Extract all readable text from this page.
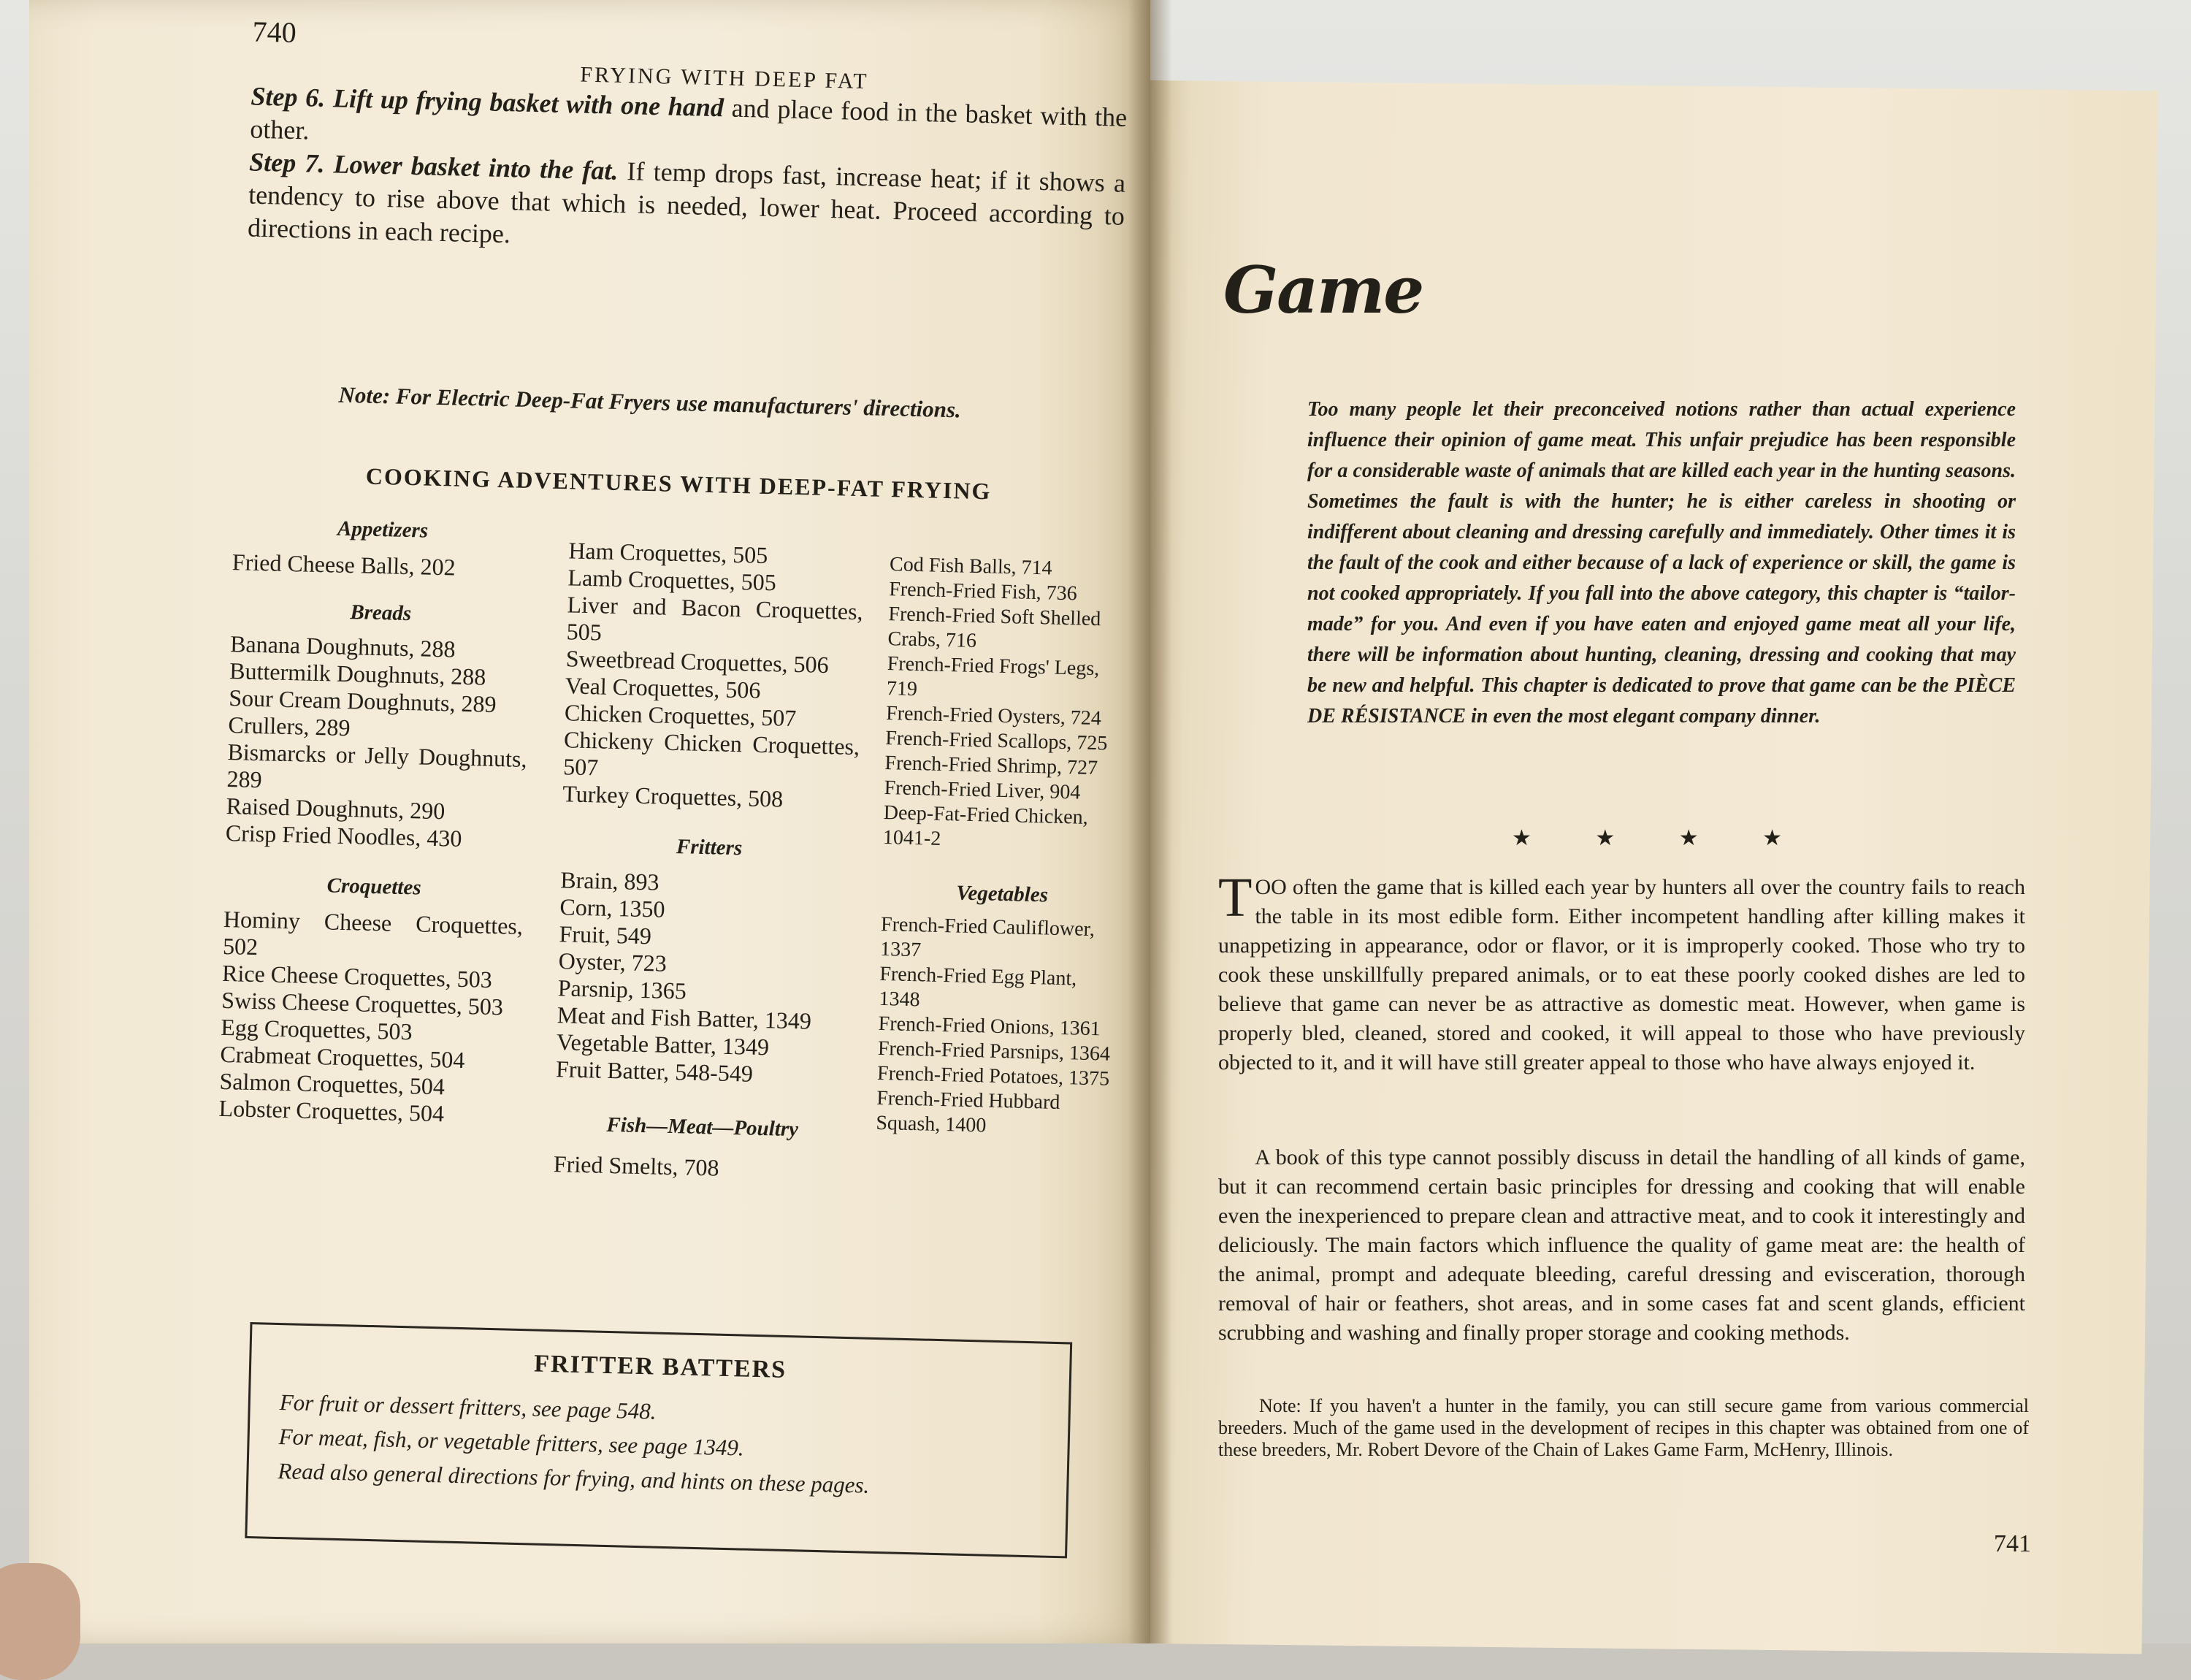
740
FRYING WITH DEEP FAT
Step 6. Lift up frying basket with one hand and place food in the basket with the other.
Step 7. Lower basket into the fat. If temp drops fast, increase heat; if it shows a tendency to rise above that which is needed, lower heat. Proceed according to directions in each recipe.
Note: For Electric Deep-Fat Fryers use manufacturers' directions.
COOKING ADVENTURES WITH DEEP-FAT FRYING
Appetizers
Fried Cheese Balls, 202
Breads
Banana Doughnuts, 288
Buttermilk Doughnuts, 288
Sour Cream Doughnuts, 289
Crullers, 289
Bismarcks or Jelly Doughnuts, 289
Raised Doughnuts, 290
Crisp Fried Noodles, 430
Croquettes
Hominy Cheese Croquettes, 502
Rice Cheese Croquettes, 503
Swiss Cheese Croquettes, 503
Egg Croquettes, 503
Crabmeat Croquettes, 504
Salmon Croquettes, 504
Lobster Croquettes, 504
Ham Croquettes, 505
Lamb Croquettes, 505
Liver and Bacon Croquettes, 505
Sweetbread Croquettes, 506
Veal Croquettes, 506
Chicken Croquettes, 507
Chickeny Chicken Croquettes, 507
Turkey Croquettes, 508
Fritters
Brain, 893
Corn, 1350
Fruit, 549
Oyster, 723
Parsnip, 1365
Meat and Fish Batter, 1349
Vegetable Batter, 1349
Fruit Batter, 548-549
Fish—Meat—Poultry
Fried Smelts, 708
Cod Fish Balls, 714
French-Fried Fish, 736
French-Fried Soft Shelled Crabs, 716
French-Fried Frogs' Legs, 719
French-Fried Oysters, 724
French-Fried Scallops, 725
French-Fried Shrimp, 727
French-Fried Liver, 904
Deep-Fat-Fried Chicken, 1041-2
Vegetables
French-Fried Cauliflower, 1337
French-Fried Egg Plant, 1348
French-Fried Onions, 1361
French-Fried Parsnips, 1364
French-Fried Potatoes, 1375
French-Fried Hubbard Squash, 1400
FRITTER BATTERS
For fruit or dessert fritters, see page 548.
For meat, fish, or vegetable fritters, see page 1349.
Read also general directions for frying, and hints on these pages.
Game
Too many people let their preconceived notions rather than actual experience influence their opinion of game meat. This unfair prejudice has been responsible for a considerable waste of animals that are killed each year in the hunting seasons. Sometimes the fault is with the hunter; he is either careless in shooting or indifferent about cleaning and dressing carefully and immediately. Other times it is the fault of the cook and either because of a lack of experience or skill, the game is not cooked appropriately. If you fall into the above category, this chapter is “tailor-made” for you. And even if you have eaten and enjoyed game meat all your life, there will be information about hunting, cleaning, dressing and cooking that may be new and helpful. This chapter is dedicated to prove that game can be the PIÈCE DE RÉSISTANCE in even the most elegant company dinner.
★ ★ ★ ★
TOO often the game that is killed each year by hunters all over the country fails to reach the table in its most edible form. Either incompetent handling after killing makes it unappetizing in appearance, odor or flavor, or it is improperly cooked. Those who try to cook these unskillfully prepared animals, or to eat these poorly cooked dishes are led to believe that game can never be as attractive as domestic meat. However, when game is properly bled, cleaned, stored and cooked, it will appeal to those who have previously objected to it, and it will have still greater appeal to those who have always enjoyed it.
A book of this type cannot possibly discuss in detail the handling of all kinds of game, but it can recommend certain basic principles for dressing and cooking that will enable even the inexperienced to prepare clean and attractive meat, and to cook it interestingly and deliciously. The main factors which influence the quality of game meat are: the health of the animal, prompt and adequate bleeding, careful dressing and evisceration, thorough removal of hair or feathers, shot areas, and in some cases fat and scent glands, efficient scrubbing and washing and finally proper storage and cooking methods.
Note: If you haven't a hunter in the family, you can still secure game from various commercial breeders. Much of the game used in the development of recipes in this chapter was obtained from one of these breeders, Mr. Robert Devore of the Chain of Lakes Game Farm, McHenry, Illinois.
741
